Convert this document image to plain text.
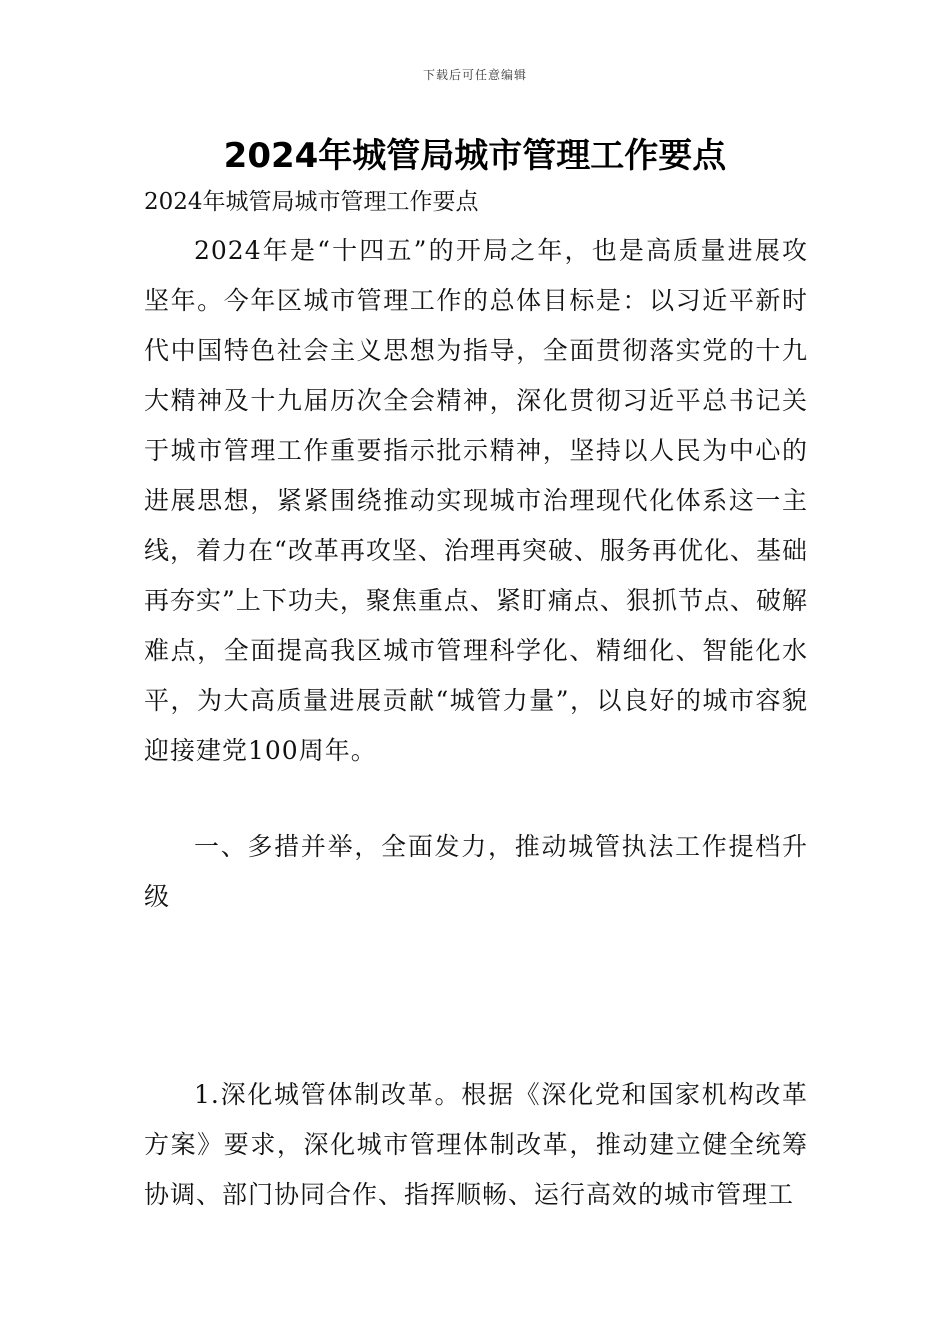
下载后可任意编辑
2024年城管局城市管理工作要点

2024年城管局城市管理工作要点

2024年是“十四五”的开局之年，也是高质量进展攻坚年。今年区城市管理工作的总体目标是：以习近平新时代中国特色社会主义思想为指导，全面贯彻落实党的十九大精神及十九届历次全会精神，深化贯彻习近平总书记关于城市管理工作重要指示批示精神，坚持以人民为中心的进展思想，紧紧围绕推动实现城市治理现代化体系这一主线，着力在“改革再攻坚、治理再突破、服务再优化、基础再夯实”上下功夫，聚焦重点、紧盯痛点、狠抓节点、破解难点，全面提高我区城市管理科学化、精细化、智能化水平，为大高质量进展贡献“城管力量”，以良好的城市容貌迎接建党100周年。

一、多措并举，全面发力，推动城管执法工作提档升级

1.深化城管体制改革。根据《深化党和国家机构改革方案》要求，深化城市管理体制改革，推动建立健全统筹协调、部门协同合作、指挥顺畅、运行高效的城市管理工
